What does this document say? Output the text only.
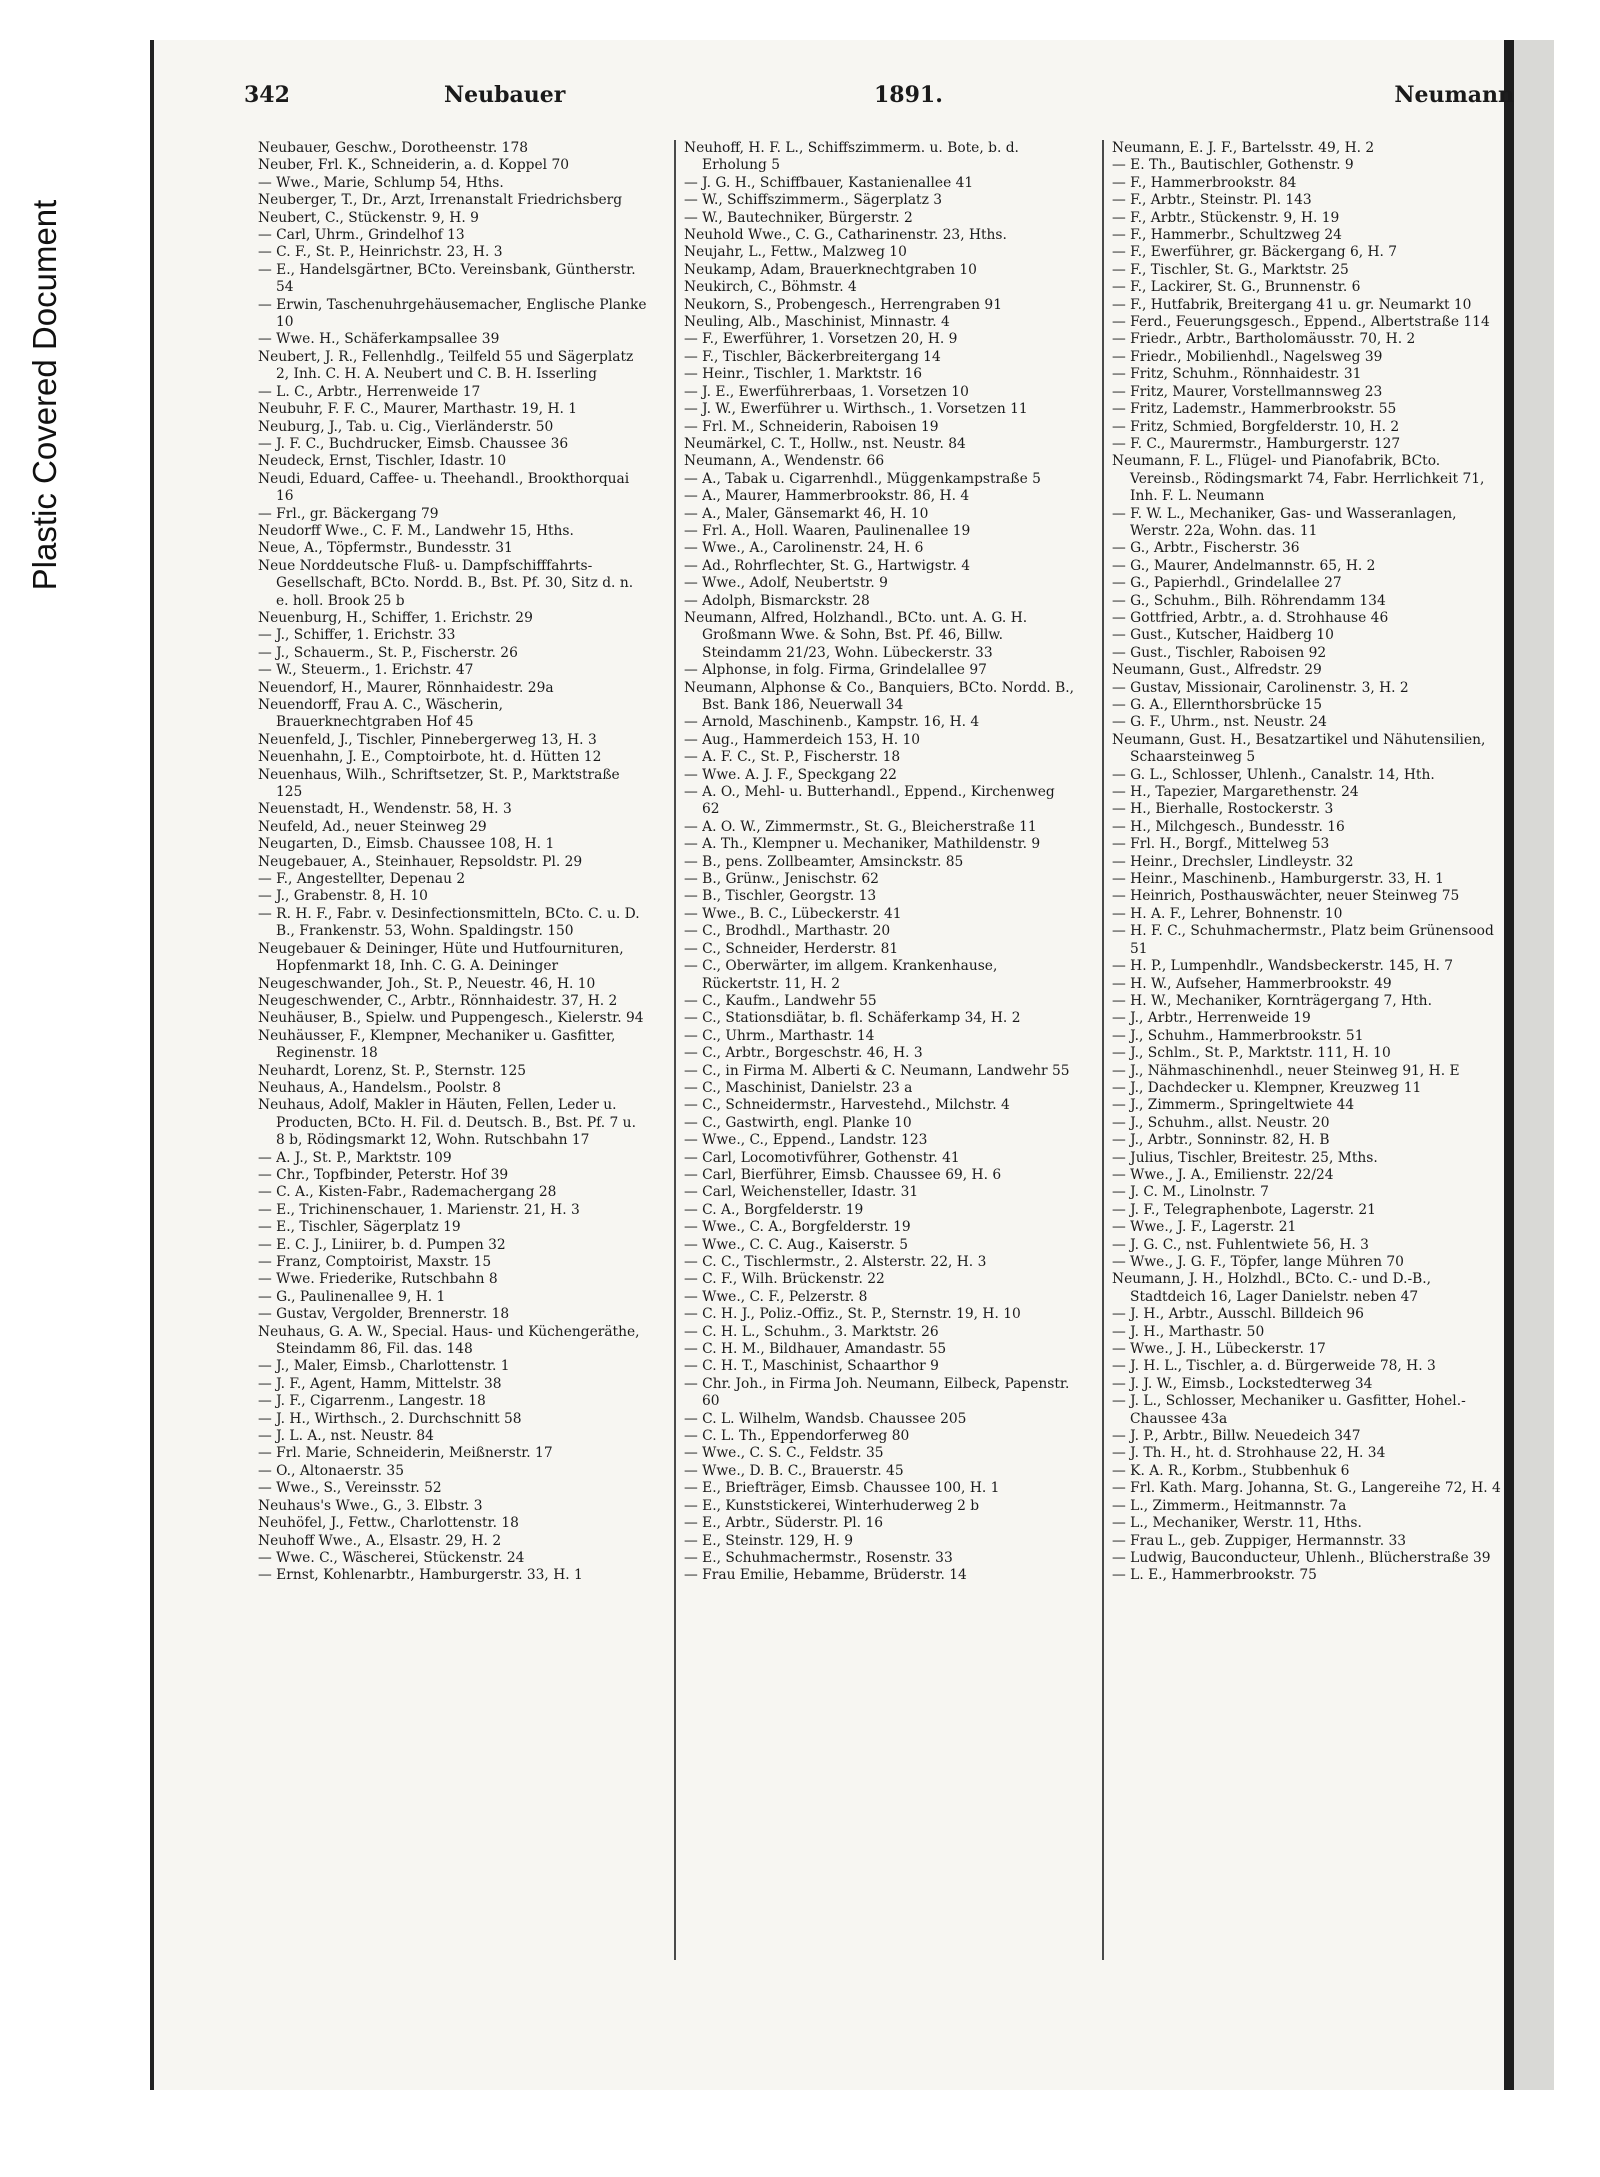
Plastic Covered Document
342	Neubauer	1891.	Neumann

Neubauer, Geschw., Dorotheenstr. 178

Neuber, Frl. K., Schneiderin, a. d. Koppel 70

— Wwe., Marie, Schlump 54, Hths.

Neuberger, T., Dr., Arzt, Irrenanstalt Friedrichsberg

Neubert, C., Stückenstr. 9, H. 9

— Carl, Uhrm., Grindelhof 13

— C. F., St. P., Heinrichstr. 23, H. 3

— E., Handelsgärtner, BCto. Vereinsbank, Güntherstr. 54

— Erwin, Taschenuhrgehäusemacher, Englische Planke 10

— Wwe. H., Schäferkampsallee 39

Neubert, J. R., Fellenhdlg., Teilfeld 55 und Sägerplatz 2, Inh. C. H. A. Neubert und C. B. H. Isserling

— L. C., Arbtr., Herrenweide 17

Neubuhr, F. F. C., Maurer, Marthastr. 19, H. 1

Neuburg, J., Tab. u. Cig., Vierländerstr. 50

— J. F. C., Buchdrucker, Eimsb. Chaussee 36

Neudeck, Ernst, Tischler, Idastr. 10

Neudi, Eduard, Caffee- u. Theehandl., Brookthorquai 16

— Frl., gr. Bäckergang 79

Neudorff Wwe., C. F. M., Landwehr 15, Hths.

Neue, A., Töpfermstr., Bundesstr. 31

Neue Norddeutsche Fluß- u. Dampfschifffahrts-Gesellschaft, BCto. Nordd. B., Bst. Pf. 30, Sitz d. n. e. holl. Brook 25 b

Neuenburg, H., Schiffer, 1. Erichstr. 29

— J., Schiffer, 1. Erichstr. 33

— J., Schauerm., St. P., Fischerstr. 26

— W., Steuerm., 1. Erichstr. 47

Neuendorf, H., Maurer, Rönnhaidestr. 29a

Neuendorff, Frau A. C., Wäscherin, Brauerknechtgraben Hof 45

Neuenfeld, J., Tischler, Pinnebergerweg 13, H. 3

Neuenhahn, J. E., Comptoirbote, ht. d. Hütten 12

Neuenhaus, Wilh., Schriftsetzer, St. P., Marktstraße 125

Neuenstadt, H., Wendenstr. 58, H. 3

Neufeld, Ad., neuer Steinweg 29

Neugarten, D., Eimsb. Chaussee 108, H. 1

Neugebauer, A., Steinhauer, Repsoldstr. Pl. 29

— F., Angestellter, Depenau 2

— J., Grabenstr. 8, H. 10

— R. H. F., Fabr. v. Desinfectionsmitteln, BCto. C. u. D. B., Frankenstr. 53, Wohn. Spaldingstr. 150

Neugebauer & Deininger, Hüte und Hutfournituren, Hopfenmarkt 18, Inh. C. G. A. Deininger

Neugeschwander, Joh., St. P., Neuestr. 46, H. 10

Neugeschwender, C., Arbtr., Rönnhaidestr. 37, H. 2

Neuhäuser, B., Spielw. und Puppengesch., Kielerstr. 94

Neuhäusser, F., Klempner, Mechaniker u. Gasfitter, Reginenstr. 18

Neuhardt, Lorenz, St. P., Sternstr. 125

Neuhaus, A., Handelsm., Poolstr. 8

Neuhaus, Adolf, Makler in Häuten, Fellen, Leder u. Producten, BCto. H. Fil. d. Deutsch. B., Bst. Pf. 7 u. 8 b, Rödingsmarkt 12, Wohn. Rutschbahn 17

— A. J., St. P., Marktstr. 109

— Chr., Topfbinder, Peterstr. Hof 39

— C. A., Kisten-Fabr., Rademachergang 28

— E., Trichinenschauer, 1. Marienstr. 21, H. 3

— E., Tischler, Sägerplatz 19

— E. C. J., Liniirer, b. d. Pumpen 32

— Franz, Comptoirist, Maxstr. 15

— Wwe. Friederike, Rutschbahn 8

— G., Paulinenallee 9, H. 1

— Gustav, Vergolder, Brennerstr. 18

Neuhaus, G. A. W., Special. Haus- und Küchengeräthe, Steindamm 86, Fil. das. 148

— J., Maler, Eimsb., Charlottenstr. 1

— J. F., Agent, Hamm, Mittelstr. 38

— J. F., Cigarrenm., Langestr. 18

— J. H., Wirthsch., 2. Durchschnitt 58

— J. L. A., nst. Neustr. 84

— Frl. Marie, Schneiderin, Meißnerstr. 17

— O., Altonaerstr. 35

— Wwe., S., Vereinsstr. 52

Neuhaus's Wwe., G., 3. Elbstr. 3

Neuhöfel, J., Fettw., Charlottenstr. 18

Neuhoff Wwe., A., Elsastr. 29, H. 2

— Wwe. C., Wäscherei, Stückenstr. 24

— Ernst, Kohlenarbtr., Hamburgerstr. 33, H. 1

Neuhoff, H. F. L., Schiffszimmerm. u. Bote, b. d. Erholung 5

— J. G. H., Schiffbauer, Kastanienallee 41

— W., Schiffszimmerm., Sägerplatz 3

— W., Bautechniker, Bürgerstr. 2

Neuhold Wwe., C. G., Catharinenstr. 23, Hths.

Neujahr, L., Fettw., Malzweg 10

Neukamp, Adam, Brauerknechtgraben 10

Neukirch, C., Böhmstr. 4

Neukorn, S., Probengesch., Herrengraben 91

Neuling, Alb., Maschinist, Minnastr. 4

— F., Ewerführer, 1. Vorsetzen 20, H. 9

— F., Tischler, Bäckerbreitergang 14

— Heinr., Tischler, 1. Marktstr. 16

— J. E., Ewerführerbaas, 1. Vorsetzen 10

— J. W., Ewerführer u. Wirthsch., 1. Vorsetzen 11

— Frl. M., Schneiderin, Raboisen 19

Neumärkel, C. T., Hollw., nst. Neustr. 84

Neumann, A., Wendenstr. 66

— A., Tabak u. Cigarrenhdl., Müggenkampstraße 5

— A., Maurer, Hammerbrookstr. 86, H. 4

— A., Maler, Gänsemarkt 46, H. 10

— Frl. A., Holl. Waaren, Paulinenallee 19

— Wwe., A., Carolinenstr. 24, H. 6

— Ad., Rohrflechter, St. G., Hartwigstr. 4

— Wwe., Adolf, Neubertstr. 9

— Adolph, Bismarckstr. 28

Neumann, Alfred, Holzhandl., BCto. unt. A. G. H. Großmann Wwe. & Sohn, Bst. Pf. 46, Billw. Steindamm 21/23, Wohn. Lübeckerstr. 33

— Alphonse, in folg. Firma, Grindelallee 97

Neumann, Alphonse & Co., Banquiers, BCto. Nordd. B., Bst. Bank 186, Neuerwall 34

— Arnold, Maschinenb., Kampstr. 16, H. 4

— Aug., Hammerdeich 153, H. 10

— A. F. C., St. P., Fischerstr. 18

— Wwe. A. J. F., Speckgang 22

— A. O., Mehl- u. Butterhandl., Eppend., Kirchenweg 62

— A. O. W., Zimmermstr., St. G., Bleicherstraße 11

— A. Th., Klempner u. Mechaniker, Mathildenstr. 9

— B., pens. Zollbeamter, Amsinckstr. 85

— B., Grünw., Jenischstr. 62

— B., Tischler, Georgstr. 13

— Wwe., B. C., Lübeckerstr. 41

— C., Brodhdl., Marthastr. 20

— C., Schneider, Herderstr. 81

— C., Oberwärter, im allgem. Krankenhause, Rückertstr. 11, H. 2

— C., Kaufm., Landwehr 55

— C., Stationsdiätar, b. fl. Schäferkamp 34, H. 2

— C., Uhrm., Marthastr. 14

— C., Arbtr., Borgeschstr. 46, H. 3

— C., in Firma M. Alberti & C. Neumann, Landwehr 55

— C., Maschinist, Danielstr. 23 a

— C., Schneidermstr., Harvestehd., Milchstr. 4

— C., Gastwirth, engl. Planke 10

— Wwe., C., Eppend., Landstr. 123

— Carl, Locomotivführer, Gothenstr. 41

— Carl, Bierführer, Eimsb. Chaussee 69, H. 6

— Carl, Weichensteller, Idastr. 31

— C. A., Borgfelderstr. 19

— Wwe., C. A., Borgfelderstr. 19

— Wwe., C. C. Aug., Kaiserstr. 5

— C. C., Tischlermstr., 2. Alsterstr. 22, H. 3

— C. F., Wilh. Brückenstr. 22

— Wwe., C. F., Pelzerstr. 8

— C. H. J., Poliz.-Offiz., St. P., Sternstr. 19, H. 10

— C. H. L., Schuhm., 3. Marktstr. 26

— C. H. M., Bildhauer, Amandastr. 55

— C. H. T., Maschinist, Schaarthor 9

— Chr. Joh., in Firma Joh. Neumann, Eilbeck, Papenstr. 60

— C. L. Wilhelm, Wandsb. Chaussee 205

— C. L. Th., Eppendorferweg 80

— Wwe., C. S. C., Feldstr. 35

— Wwe., D. B. C., Brauerstr. 45

— E., Briefträger, Eimsb. Chaussee 100, H. 1

— E., Kunststickerei, Winterhuderweg 2 b

— E., Arbtr., Süderstr. Pl. 16

— E., Steinstr. 129, H. 9

— E., Schuhmachermstr., Rosenstr. 33

— Frau Emilie, Hebamme, Brüderstr. 14

Neumann, E. J. F., Bartelsstr. 49, H. 2

— E. Th., Bautischler, Gothenstr. 9

— F., Hammerbrookstr. 84

— F., Arbtr., Steinstr. Pl. 143

— F., Arbtr., Stückenstr. 9, H. 19

— F., Hammerbr., Schultzweg 24

— F., Ewerführer, gr. Bäckergang 6, H. 7

— F., Tischler, St. G., Marktstr. 25

— F., Lackirer, St. G., Brunnenstr. 6

— F., Hutfabrik, Breitergang 41 u. gr. Neumarkt 10

— Ferd., Feuerungsgesch., Eppend., Albertstraße 114

— Friedr., Arbtr., Bartholomäusstr. 70, H. 2

— Friedr., Mobilienhdl., Nagelsweg 39

— Fritz, Schuhm., Rönnhaidestr. 31

— Fritz, Maurer, Vorstellmannsweg 23

— Fritz, Lademstr., Hammerbrookstr. 55

— Fritz, Schmied, Borgfelderstr. 10, H. 2

— F. C., Maurermstr., Hamburgerstr. 127

Neumann, F. L., Flügel- und Pianofabrik, BCto. Vereinsb., Rödingsmarkt 74, Fabr. Herrlichkeit 71, Inh. F. L. Neumann

— F. W. L., Mechaniker, Gas- und Wasseranlagen, Werstr. 22a, Wohn. das. 11

— G., Arbtr., Fischerstr. 36

— G., Maurer, Andelmannstr. 65, H. 2

— G., Papierhdl., Grindelallee 27

— G., Schuhm., Bilh. Röhrendamm 134

— Gottfried, Arbtr., a. d. Strohhause 46

— Gust., Kutscher, Haidberg 10

— Gust., Tischler, Raboisen 92

Neumann, Gust., Alfredstr. 29

— Gustav, Missionair, Carolinenstr. 3, H. 2

— G. A., Ellernthorsbrücke 15

— G. F., Uhrm., nst. Neustr. 24

Neumann, Gust. H., Besatzartikel und Nähutensilien, Schaarsteinweg 5

— G. L., Schlosser, Uhlenh., Canalstr. 14, Hth.

— H., Tapezier, Margarethenstr. 24

— H., Bierhalle, Rostockerstr. 3

— H., Milchgesch., Bundesstr. 16

— Frl. H., Borgf., Mittelweg 53

— Heinr., Drechsler, Lindleystr. 32

— Heinr., Maschinenb., Hamburgerstr. 33, H. 1

— Heinrich, Posthauswächter, neuer Steinweg 75

— H. A. F., Lehrer, Bohnenstr. 10

— H. F. C., Schuhmachermstr., Platz beim Grünensood 51

— H. P., Lumpenhdlr., Wandsbeckerstr. 145, H. 7

— H. W., Aufseher, Hammerbrookstr. 49

— H. W., Mechaniker, Kornträgergang 7, Hth.

— J., Arbtr., Herrenweide 19

— J., Schuhm., Hammerbrookstr. 51

— J., Schlm., St. P., Marktstr. 111, H. 10

— J., Nähmaschinenhdl., neuer Steinweg 91, H. E

— J., Dachdecker u. Klempner, Kreuzweg 11

— J., Zimmerm., Springeltwiete 44

— J., Schuhm., allst. Neustr. 20

— J., Arbtr., Sonninstr. 82, H. B

— Julius, Tischler, Breitestr. 25, Mths.

— Wwe., J. A., Emilienstr. 22/24

— J. C. M., Linolnstr. 7

— J. F., Telegraphenbote, Lagerstr. 21

— Wwe., J. F., Lagerstr. 21

— J. G. C., nst. Fuhlentwiete 56, H. 3

— Wwe., J. G. F., Töpfer, lange Mühren 70

Neumann, J. H., Holzhdl., BCto. C.- und D.-B., Stadtdeich 16, Lager Danielstr. neben 47

— J. H., Arbtr., Ausschl. Billdeich 96

— J. H., Marthastr. 50

— Wwe., J. H., Lübeckerstr. 17

— J. H. L., Tischler, a. d. Bürgerweide 78, H. 3

— J. J. W., Eimsb., Lockstedterweg 34

— J. L., Schlosser, Mechaniker u. Gasfitter, Hohel.-Chaussee 43a

— J. P., Arbtr., Billw. Neuedeich 347

— J. Th. H., ht. d. Strohhause 22, H. 34

— K. A. R., Korbm., Stubbenhuk 6

— Frl. Kath. Marg. Johanna, St. G., Langereihe 72, H. 4

— L., Zimmerm., Heitmannstr. 7a

— L., Mechaniker, Werstr. 11, Hths.

— Frau L., geb. Zuppiger, Hermannstr. 33

— Ludwig, Bauconducteur, Uhlenh., Blücherstraße 39

— L. E., Hammerbrookstr. 75
